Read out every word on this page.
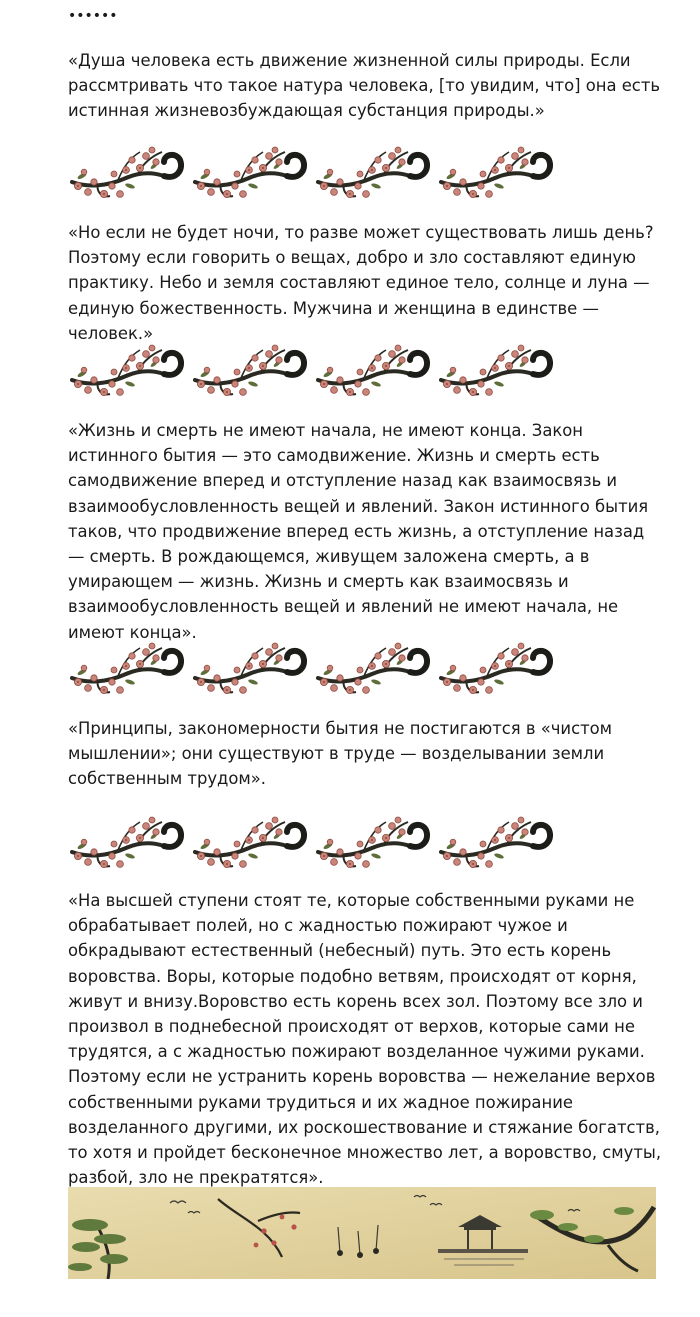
••••••

«Душа человека есть движение жизненной силы природы. Если рассмтривать что такое натура человека, [то увидим, что] она есть истинная жизневозбуждающая субстанция природы.»

«Но если не будет ночи, то разве может существовать лишь день? Поэтому если говорить о вещах, добро и зло составляют единую практику. Небо и земля составляют единое тело, солнце и луна — единую божественность. Мужчина и женщина в единстве — человек.»

«Жизнь и смерть не имеют начала, не имеют конца. Закон истинного бытия — это самодвижение. Жизнь и смерть есть самодвижение вперед и отступление назад как взаимосвязь и взаимообусловленность вещей и явлений. Закон истинного бытия таков, что продвижение вперед есть жизнь, а отступление назад — смерть. В рождающемся, живущем заложена смерть, а в умирающем — жизнь. Жизнь и смерть как взаимосвязь и взаимообусловленность вещей и явлений не имеют начала, не имеют конца».

«Принципы, закономерности бытия не постигаются в «чистом мышлении»; они существуют в труде — возделывании земли собственным трудом».

«На высшей ступени стоят те, которые собственными руками не обрабатывает полей, но с жадностью пожирают чужое и обкрадывают естественный (небесный) путь. Это есть корень воровства. Воры, которые подобно ветвям, происходят от корня, живут и внизу.Воровство есть корень всех зол. Поэтому все зло и произвол в поднебесной происходят от верхов, которые сами не трудятся, а с жадностью пожирают возделанное чужими руками. Поэтому если не устранить корень воровства — нежелание верхов собственными руками трудиться и их жадное пожирание возделанного другими, их роскошествование и стяжание богатств, то хотя и пройдет бесконечное множество лет, а воровство, смуты, разбой, зло не прекратятся».
